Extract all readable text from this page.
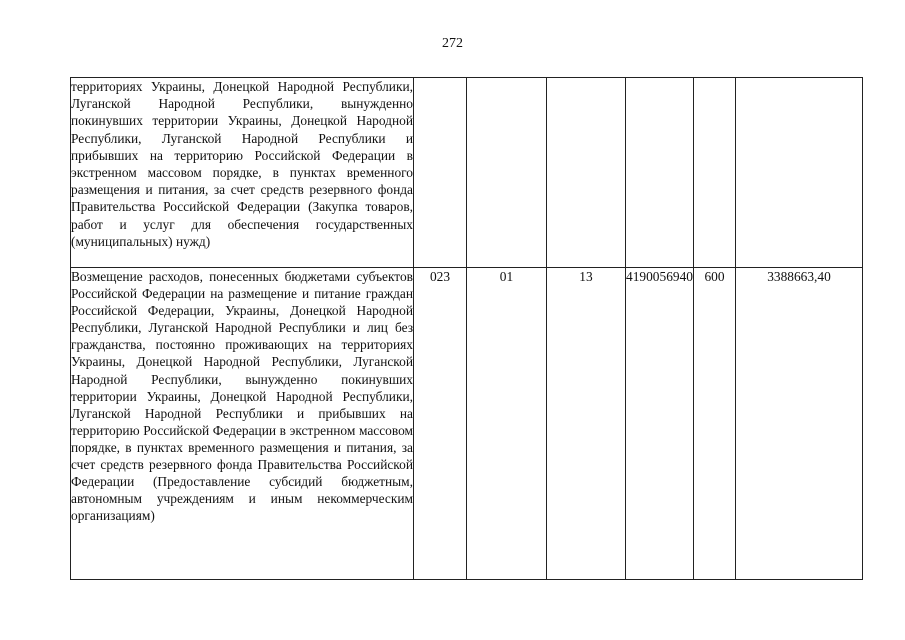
272

территориях Украины, Донецкой Народной Республики, Луганской Народной Республики, вынужденно покинувших территории Украины, Донецкой Народной Республики, Луганской Народной Республики и прибывших на территорию Российской Федерации в экстренном массовом порядке, в пунктах временного размещения и питания, за счет средств резервного фонда Правительства Российской Федерации (Закупка товаров, работ и услуг для обеспечения государственных (муниципальных) нужд)						

Возмещение расходов, понесенных бюджетами субъектов Российской Федерации на размещение и питание граждан Российской Федерации, Украины, Донецкой Народной Республики, Луганской Народной Республики и лиц без гражданства, постоянно проживающих на территориях Украины, Донецкой Народной Республики, Луганской Народной Республики, вынужденно покинувших территории Украины, Донецкой Народной Республики, Луганской Народной Республики и прибывших на территорию Российской Федерации в экстренном массовом порядке, в пунктах временного размещения и питания, за счет средств резервного фонда Правительства Российской Федерации (Предоставление субсидий бюджетным, автономным учреждениям и иным некоммерческим организациям)	023	01	13	4190056940	600	3388663,40
